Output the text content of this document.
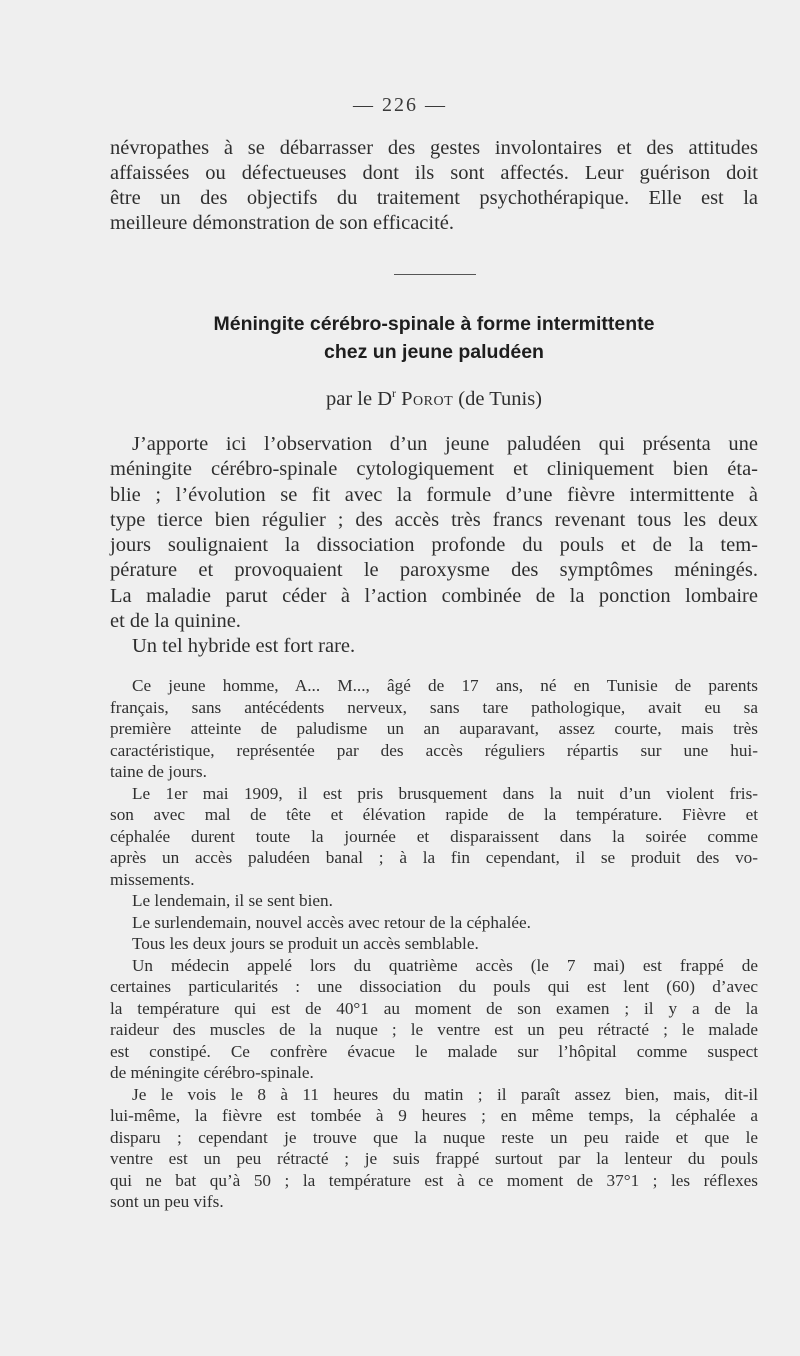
— 226 —
névropathes à se débarrasser des gestes involontaires et des attitudes
affaissées ou défectueuses dont ils sont affectés. Leur guérison doit
être un des objectifs du traitement psychothérapique. Elle est la
meilleure démonstration de son efficacité.
Méningite cérébro-spinale à forme intermittente
chez un jeune paludéen
par le $D^r$ Porot (de Tunis)
J’apporte ici l’observation d’un jeune paludéen qui présenta une
méningite cérébro-spinale cytologiquement et cliniquement bien éta-
blie ; l’évolution se fit avec la formule d’une fièvre intermittente à
type tierce bien régulier ; des accès très francs revenant tous les deux
jours soulignaient la dissociation profonde du pouls et de la tem-
pérature et provoquaient le paroxysme des symptômes méningés.
La maladie parut céder à l’action combinée de la ponction lombaire
et de la quinine.
Un tel hybride est fort rare.
Ce jeune homme, A... M..., âgé de 17 ans, né en Tunisie de parents
français, sans antécédents nerveux, sans tare pathologique, avait eu sa
première atteinte de paludisme un an auparavant, assez courte, mais très
caractéristique, représentée par des accès réguliers répartis sur une hui-
taine de jours.
Le 1er mai 1909, il est pris brusquement dans la nuit d’un violent fris-
son avec mal de tête et élévation rapide de la température. Fièvre et
céphalée durent toute la journée et disparaissent dans la soirée comme
après un accès paludéen banal ; à la fin cependant, il se produit des vo-
missements.
Le lendemain, il se sent bien.
Le surlendemain, nouvel accès avec retour de la céphalée.
Tous les deux jours se produit un accès semblable.
Un médecin appelé lors du quatrième accès (le 7 mai) est frappé de
certaines particularités : une dissociation du pouls qui est lent (60) d’avec
la température qui est de 40°1 au moment de son examen ; il y a de la
raideur des muscles de la nuque ; le ventre est un peu rétracté ; le malade
est constipé. Ce confrère évacue le malade sur l’hôpital comme suspect
de méningite cérébro-spinale.
Je le vois le 8 à 11 heures du matin ; il paraît assez bien, mais, dit-il
lui-même, la fièvre est tombée à 9 heures ; en même temps, la céphalée a
disparu ; cependant je trouve que la nuque reste un peu raide et que le
ventre est un peu rétracté ; je suis frappé surtout par la lenteur du pouls
qui ne bat qu’à 50 ; la température est à ce moment de 37°1 ; les réflexes
sont un peu vifs.
